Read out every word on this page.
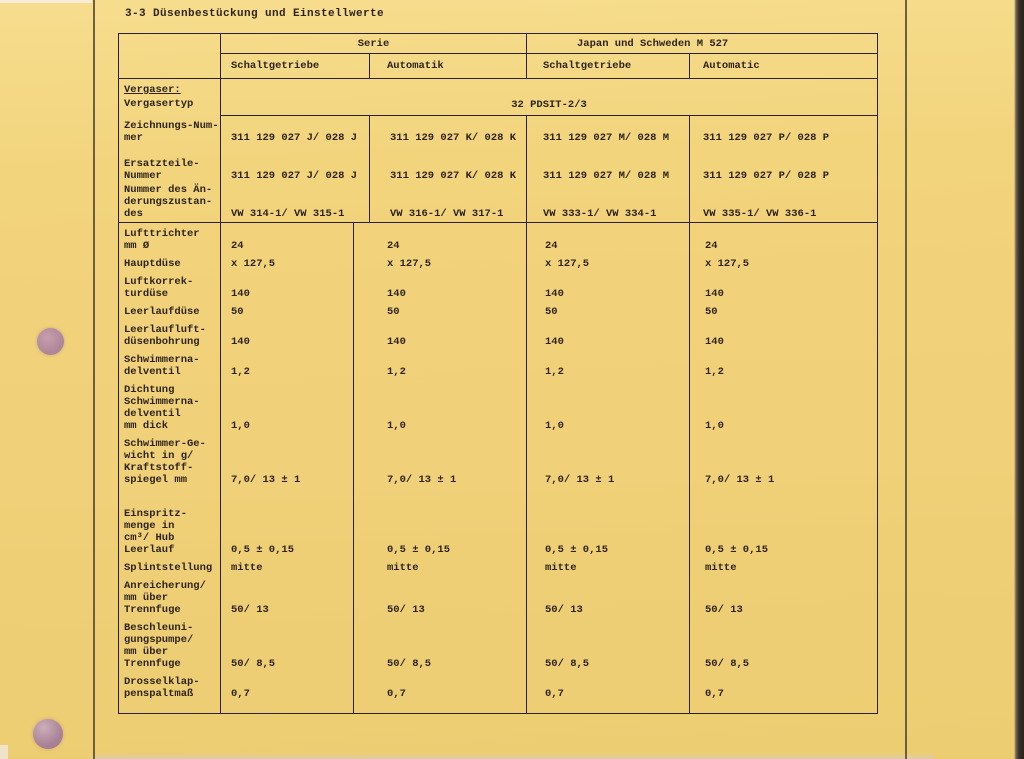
3-3 Düsenbestückung und Einstellwerte
Serie	Japan und Schweden M 527
Schaltgetriebe	Automatik	Schaltgetriebe	Automatic
Vergaser:
Vergasertyp	32 PDSIT-2/3
Zeichnungs-Num-
mer	311 129 027 J/ 028 J	311 129 027 K/ 028 K	311 129 027 M/ 028 M	311 129 027 P/ 028 P
Ersatzteile-
Nummer	311 129 027 J/ 028 J	311 129 027 K/ 028 K	311 129 027 M/ 028 M	311 129 027 P/ 028 P
Nummer des Än-
derungszustan-
des	VW 314-1/ VW 315-1	VW 316-1/ VW 317-1	VW 333-1/ VW 334-1	VW 335-1/ VW 336-1
Lufttrichter
mm Ø	24	24	24	24
Hauptdüse	x 127,5	x 127,5	x 127,5	x 127,5
Luftkorrek-
turdüse	140	140	140	140
Leerlaufdüse	50	50	50	50
Leerlaufluft-
düsenbohrung	140	140	140	140
Schwimmerna-
delventil	1,2	1,2	1,2	1,2
Dichtung
Schwimmerna-
delventil
mm dick	1,0	1,0	1,0	1,0
Schwimmer-Ge-
wicht in g/
Kraftstoff-
spiegel mm	7,0/ 13 ± 1	7,0/ 13 ± 1	7,0/ 13 ± 1	7,0/ 13 ± 1
Einspritz-
menge in
cm³/ Hub
Leerlauf	0,5 ± 0,15	0,5 ± 0,15	0,5 ± 0,15	0,5 ± 0,15
Splintstellung	mitte	mitte	mitte	mitte
Anreicherung/
mm über
Trennfuge	50/ 13	50/ 13	50/ 13	50/ 13
Beschleuni-
gungspumpe/
mm über
Trennfuge	50/ 8,5	50/ 8,5	50/ 8,5	50/ 8,5
Drosselklap-
penspaltmaß	0,7	0,7	0,7	0,7
